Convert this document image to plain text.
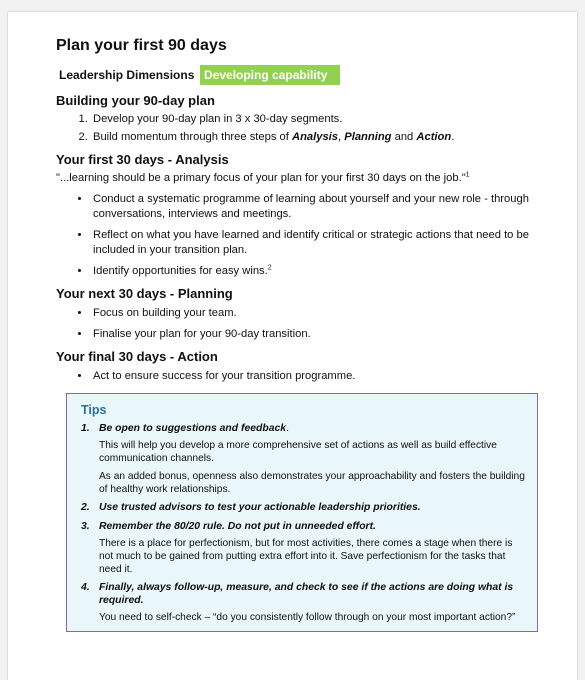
Plan your first 90 days
Leadership Dimensions Developing capability
Building your 90-day plan
1. Develop your 90-day plan in 3 x 30-day segments.
2. Build momentum through three steps of Analysis, Planning and Action.
Your first 30 days - Analysis
"...learning should be a primary focus of your plan for your first 30 days on the job."$^1$
• Conduct a systematic programme of learning about yourself and your new role - through conversations, interviews and meetings.
• Reflect on what you have learned and identify critical or strategic actions that need to be included in your transition plan.
• Identify opportunities for easy wins.$^2$
Your next 30 days - Planning
• Focus on building your team.
• Finalise your plan for your 90-day transition.
Your final 30 days - Action
• Act to ensure success for your transition programme.
Tips
1. Be open to suggestions and feedback.
This will help you develop a more comprehensive set of actions as well as build effective communication channels.
As an added bonus, openness also demonstrates your approachability and fosters the building of healthy work relationships.
2. Use trusted advisors to test your actionable leadership priorities.
3. Remember the 80/20 rule. Do not put in unneeded effort.
There is a place for perfectionism, but for most activities, there comes a stage when there is not much to be gained from putting extra effort into it. Save perfectionism for the tasks that need it.
4. Finally, always follow-up, measure, and check to see if the actions are doing what is required.
You need to self-check – “do you consistently follow through on your most important action?”
